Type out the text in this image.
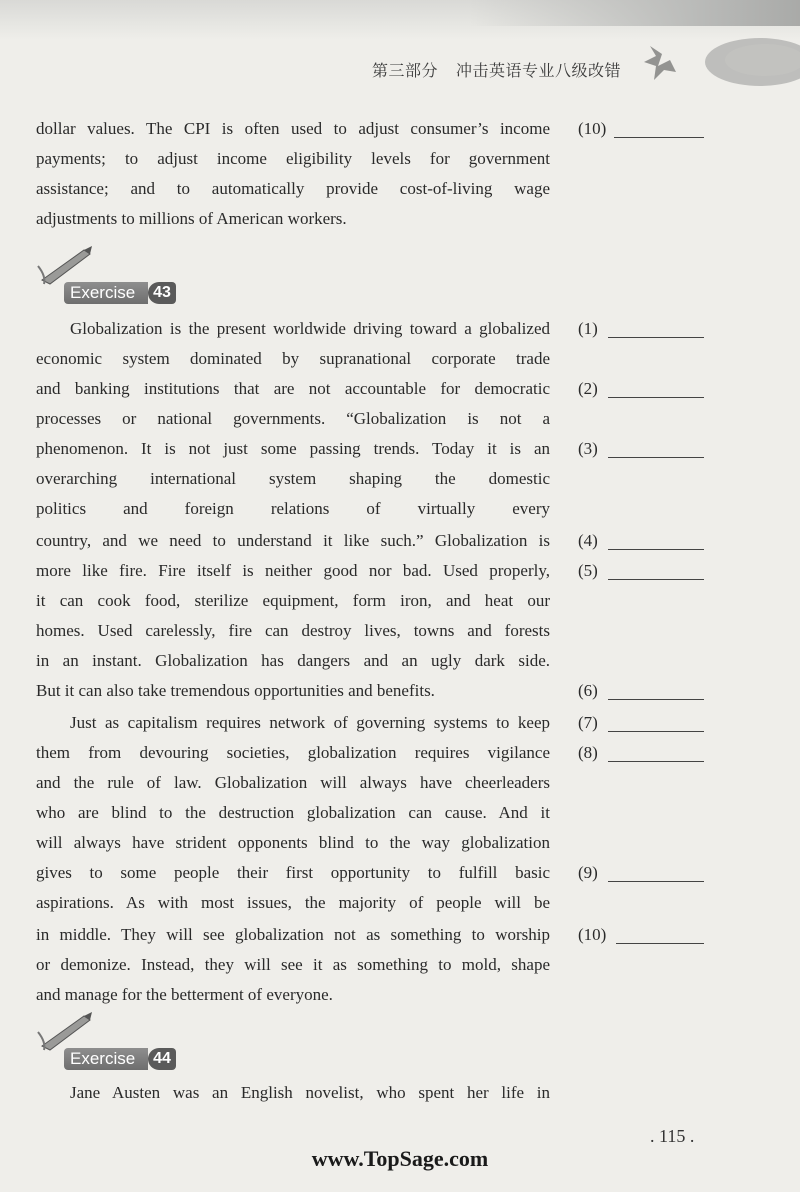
第三部分 冲击英语专业八级改错
dollar values. The CPI is often used to adjust consumer’s income
payments; to adjust income eligibility levels for government
assistance; and to automatically provide cost-of-living wage
adjustments to millions of American workers.
(10)
Exercise	43
Globalization is the present worldwide driving toward a globalized
economic system dominated by supranational corporate trade
and banking institutions that are not accountable for democratic
processes or national governments. “Globalization is not a
phenomenon. It is not just some passing trends. Today it is an
overarching international system shaping the domestic
politics and foreign relations of virtually every
country, and we need to understand it like such.” Globalization is
more like fire. Fire itself is neither good nor bad. Used properly,
it can cook food, sterilize equipment, form iron, and heat our
homes. Used carelessly, fire can destroy lives, towns and forests
in an instant. Globalization has dangers and an ugly dark side.
But it can also take tremendous opportunities and benefits.
Just as capitalism requires network of governing systems to keep
them from devouring societies, globalization requires vigilance
and the rule of law. Globalization will always have cheerleaders
who are blind to the destruction globalization can cause. And it
will always have strident opponents blind to the way globalization
gives to some people their first opportunity to fulfill basic
aspirations. As with most issues, the majority of people will be
in middle. They will see globalization not as something to worship
or demonize. Instead, they will see it as something to mold, shape
and manage for the betterment of everyone.
(1)
(2)
(3)
(4)
(5)
(6)
(7)
(8)
(9)
(10)
Exercise	44
Jane Austen was an English novelist, who spent her life in
. 115 .
www.TopSage.com
